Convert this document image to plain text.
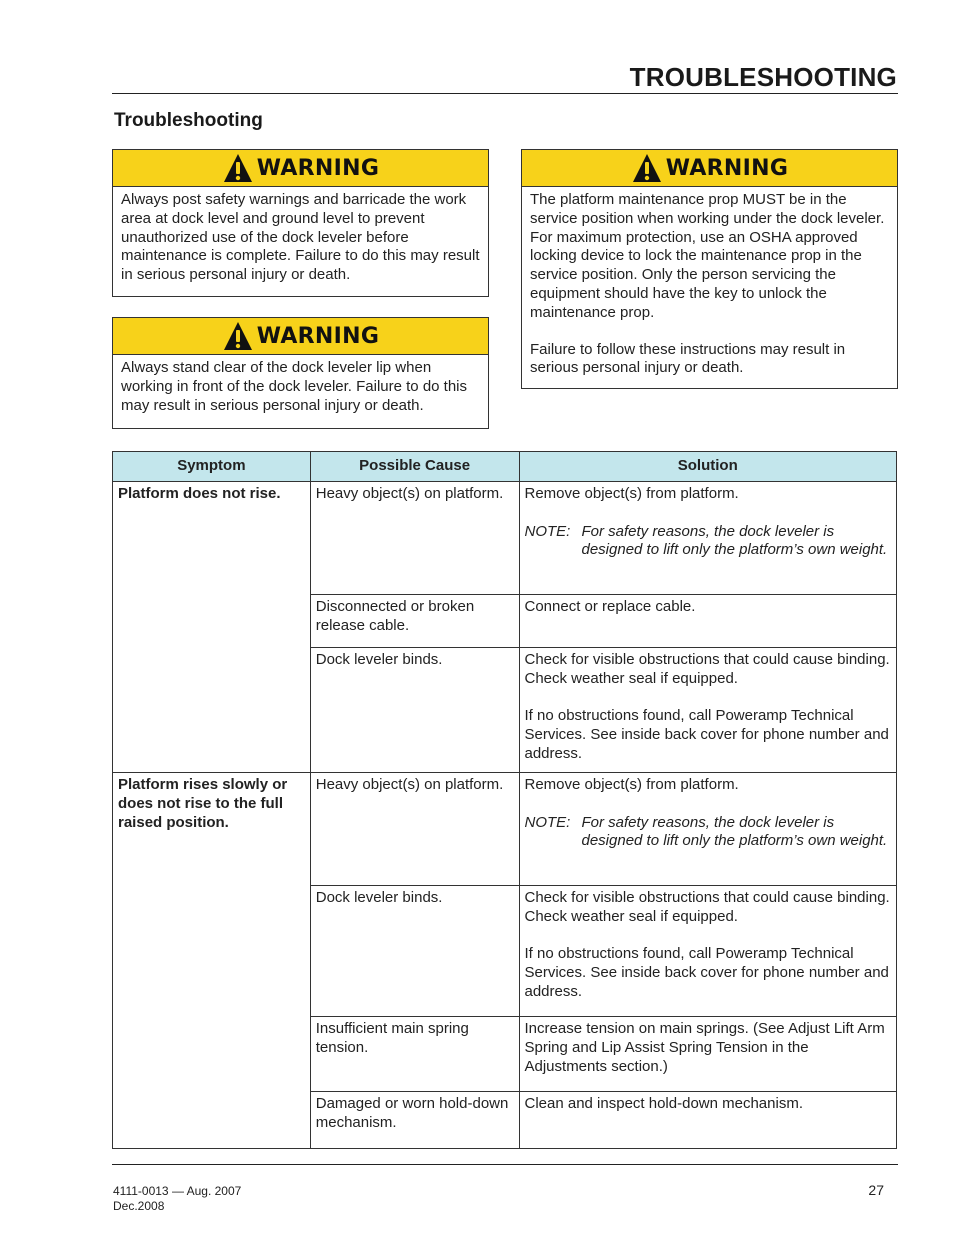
TROUBLESHOOTING
Troubleshooting
WARNING

Always post safety warnings and barricade the work area at dock level and ground level to prevent unauthorized use of the dock leveler before maintenance is complete. Failure to do this may result in serious personal injury or death.

WARNING

Always stand clear of the dock leveler lip when working in front of the dock leveler. Failure to do this may result in serious personal injury or death.

WARNING

The platform maintenance prop MUST be in the service position when working under the dock leveler. For maximum protection, use an OSHA approved locking device to lock the maintenance prop in the service position. Only the person servicing the equipment should have the key to unlock the maintenance prop.

Failure to follow these instructions may result in serious personal injury or death.

Symptom	Possible Cause	Solution
Platform does not rise.	Heavy object(s) on platform.	Remove object(s) from platform.

NOTE: For safety reasons, the dock leveler is designed to lift only the platform’s own weight.

	Disconnected or broken release cable.	Connect or replace cable.

	Dock leveler binds.	Check for visible obstructions that could cause binding. Check weather seal if equipped.

If no obstructions found, call Poweramp Technical Services. See inside back cover for phone number and address.

Platform rises slowly or does not rise to the full raised position.	Heavy object(s) on platform.	Remove object(s) from platform.

NOTE: For safety reasons, the dock leveler is designed to lift only the platform’s own weight.

	Dock leveler binds.	Check for visible obstructions that could cause binding. Check weather seal if equipped.

If no obstructions found, call Poweramp Technical Services. See inside back cover for phone number and address.

	Insufficient main spring tension.	Increase tension on main springs. (See Adjust Lift Arm Spring and Lip Assist Spring Tension in the Adjustments section.)

	Damaged or worn hold-down mechanism.	Clean and inspect hold-down mechanism.

4111-0013 — Aug. 2007
Dec.2008
27
